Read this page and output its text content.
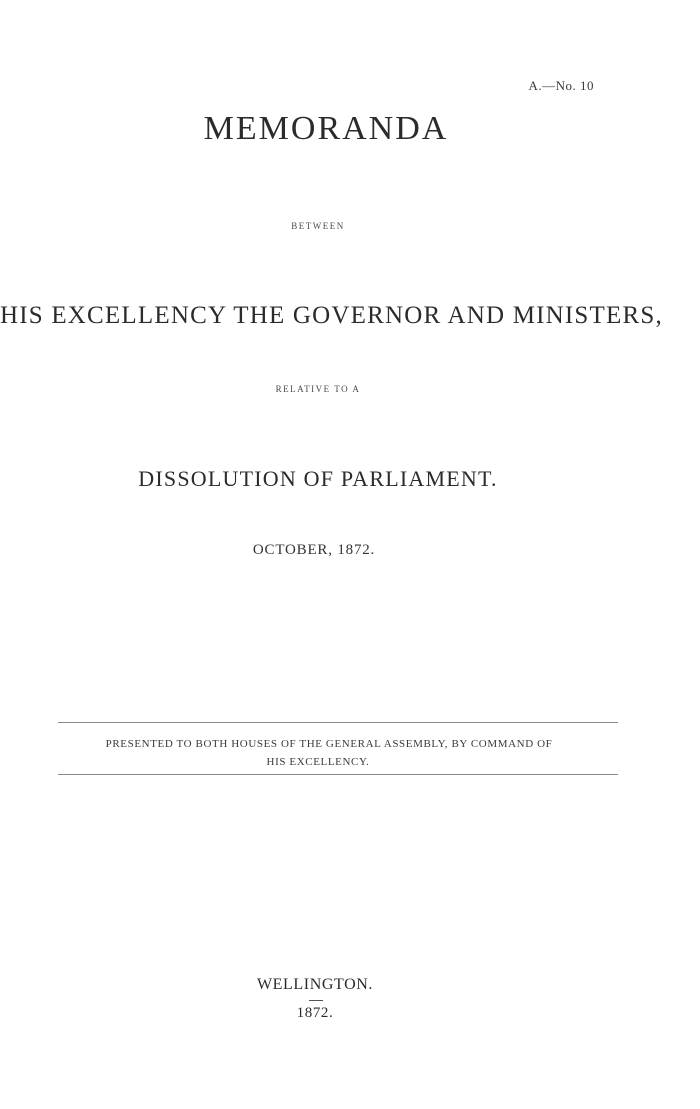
A.—No. 10
MEMORANDA
BETWEEN
HIS EXCELLENCY THE GOVERNOR AND MINISTERS,
RELATIVE TO A
DISSOLUTION OF PARLIAMENT.
OCTOBER, 1872.
PRESENTED TO BOTH HOUSES OF THE GENERAL ASSEMBLY, BY COMMAND OF
HIS EXCELLENCY.
WELLINGTON.
1872.
